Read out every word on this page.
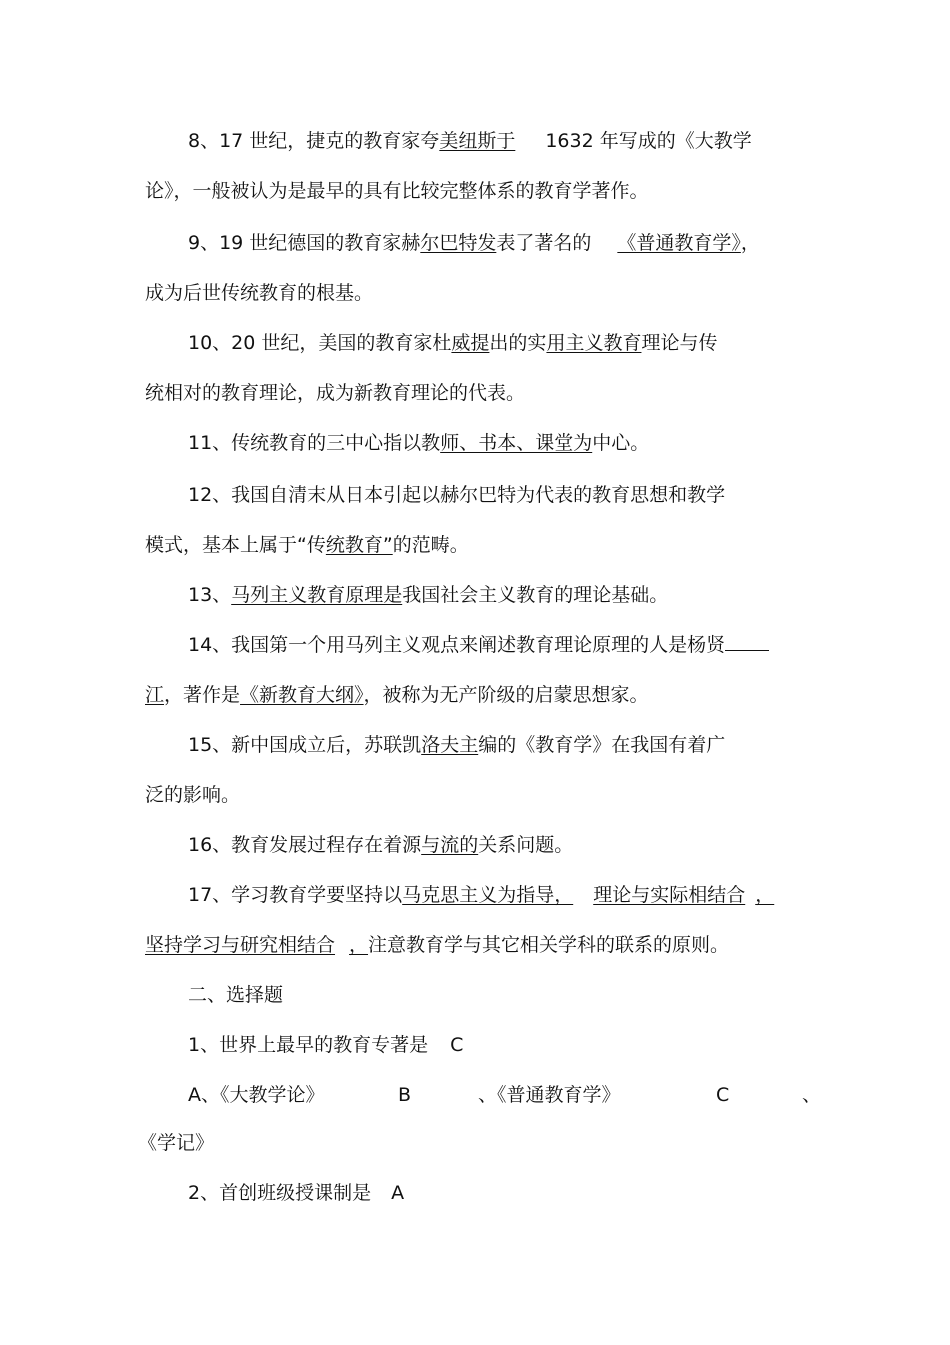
8、17 世纪，捷克的教育家夸美纽斯于 1632 年写成的《大教学
论》，一般被认为是最早的具有比较完整体系的教育学著作。
9、19 世纪德国的教育家赫尔巴特发表了著名的 《普通教育学》，
成为后世传统教育的根基。
10、20 世纪，美国的教育家杜威提出的实用主义教育理论与传
统相对的教育理论，成为新教育理论的代表。
11、传统教育的三中心指以教师、书本、课堂为中心。
12、我国自清末从日本引起以赫尔巴特为代表的教育思想和教学
模式，基本上属于“传统教育”的范畴。
13、马列主义教育原理是我国社会主义教育的理论基础。
14、我国第一个用马列主义观点来阐述教育理论原理的人是杨贤
江，著作是《新教育大纲》，被称为无产阶级的启蒙思想家。
15、新中国成立后，苏联凯洛夫主编的《教育学》在我国有着广
泛的影响。
16、教育发展过程存在着源与流的关系问题。
17、学习教育学要坚持以马克思主义为指导， 理论与实际相结合 ，
坚持学习与研究相结合 ，注意教育学与其它相关学科的联系的原则。
二、选择题
1、世界上最早的教育专著是 C
A、《大教学论》	B	、《普通教育学》	C	、
《学记》
2、首创班级授课制是 A
